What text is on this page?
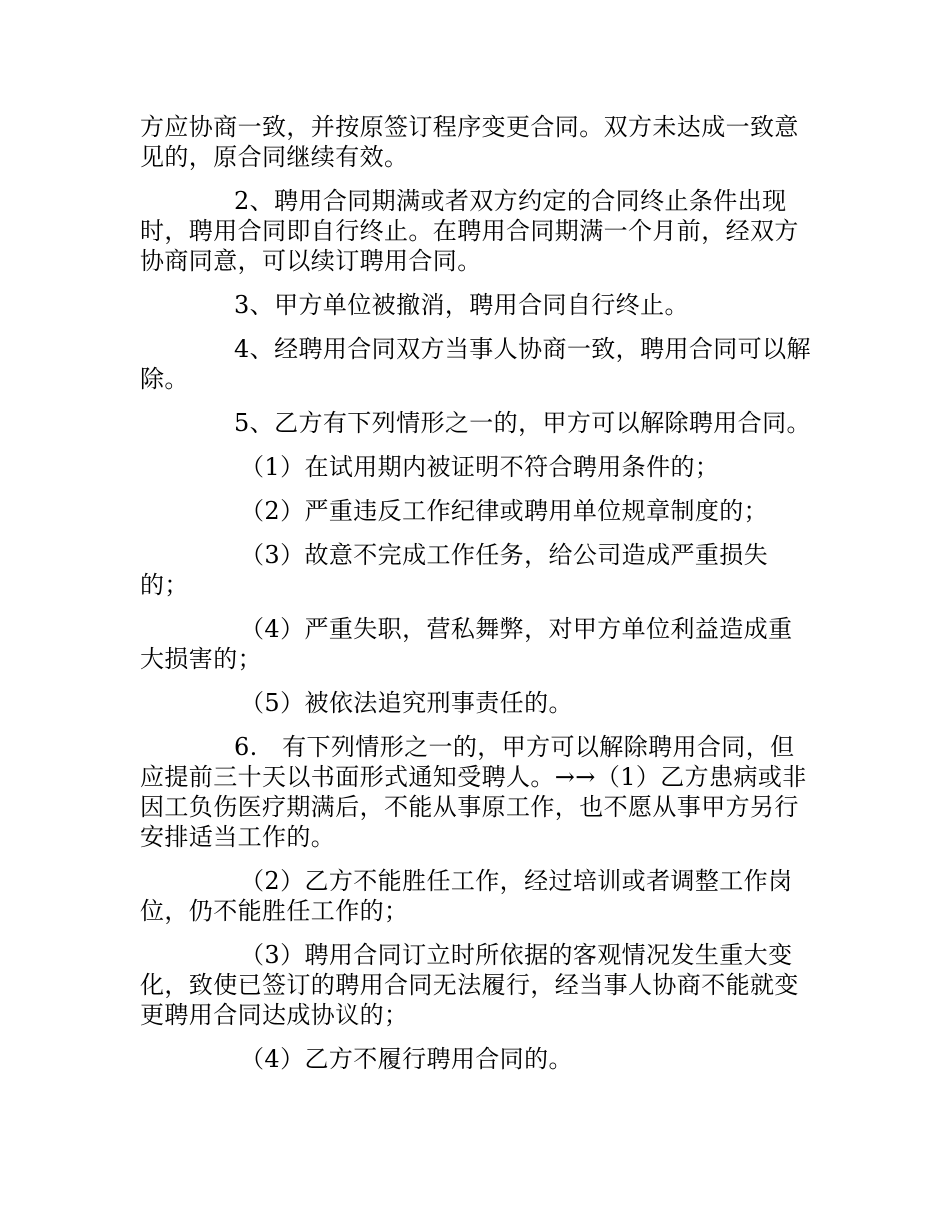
方应协商一致，并按原签订程序变更合同。双方未达成一致意见的，原合同继续有效。

2、聘用合同期满或者双方约定的合同终止条件出现时，聘用合同即自行终止。在聘用合同期满一个月前，经双方协商同意，可以续订聘用合同。

3、甲方单位被撤消，聘用合同自行终止。

4、经聘用合同双方当事人协商一致，聘用合同可以解除。

5、乙方有下列情形之一的，甲方可以解除聘用合同。

（1）在试用期内被证明不符合聘用条件的；

（2）严重违反工作纪律或聘用单位规章制度的；

（3）故意不完成工作任务，给公司造成严重损失的；

（4）严重失职，营私舞弊，对甲方单位利益造成重大损害的；

（5）被依法追究刑事责任的。

6.　有下列情形之一的，甲方可以解除聘用合同，但应提前三十天以书面形式通知受聘人。→→（1）乙方患病或非因工负伤医疗期满后，不能从事原工作，也不愿从事甲方另行安排适当工作的。

（2）乙方不能胜任工作，经过培训或者调整工作岗位，仍不能胜任工作的；

（3）聘用合同订立时所依据的客观情况发生重大变化，致使已签订的聘用合同无法履行，经当事人协商不能就变更聘用合同达成协议的；

（4）乙方不履行聘用合同的。
